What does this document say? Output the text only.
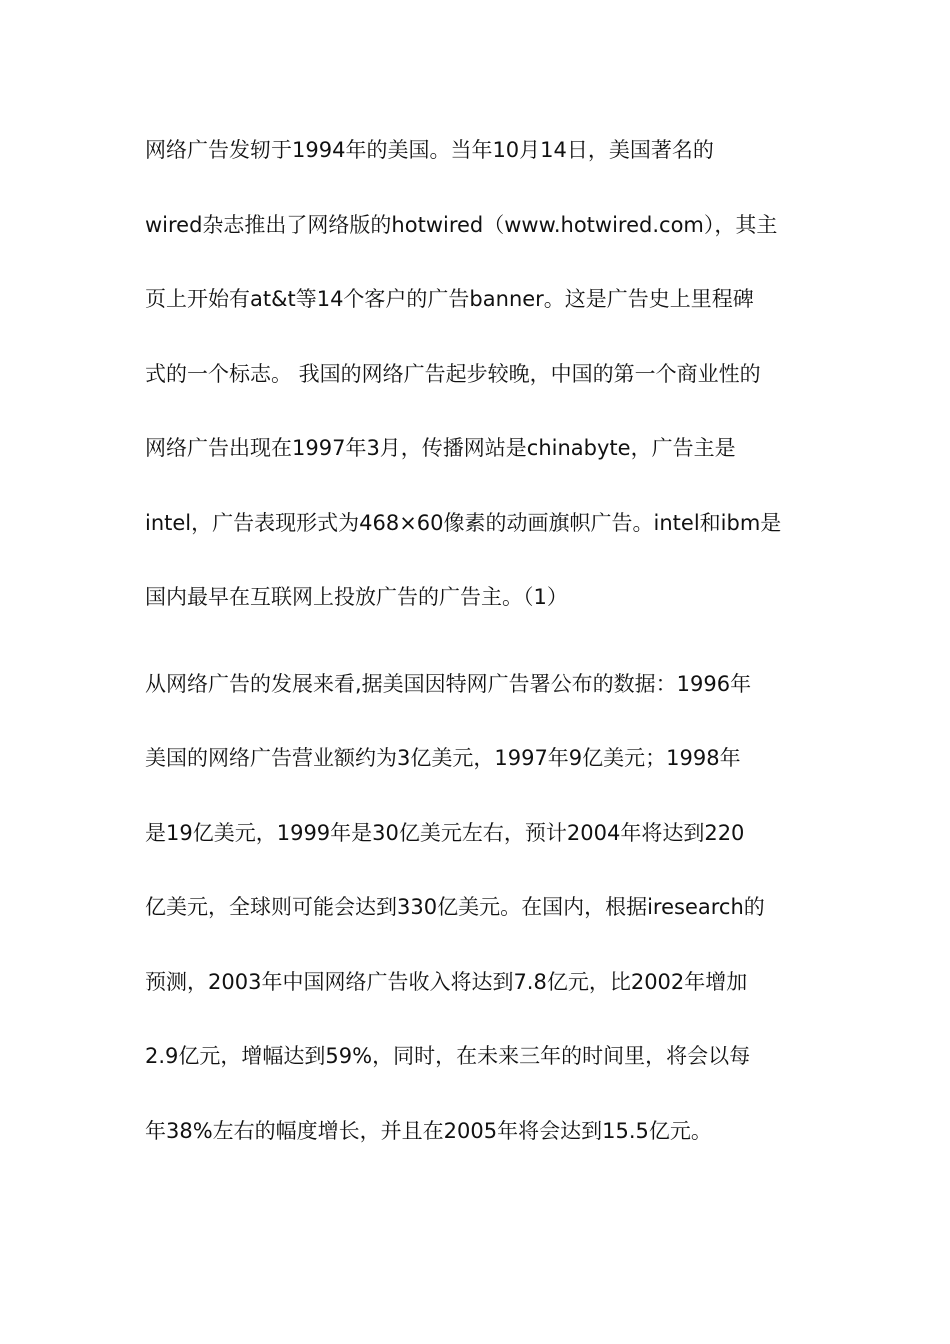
网络广告发轫于1994年的美国。当年10月14日，美国著名的
wired杂志推出了网络版的hotwired（www.hotwired.com），其主
页上开始有at&t等14个客户的广告banner。这是广告史上里程碑
式的一个标志。 我国的网络广告起步较晚，中国的第一个商业性的
网络广告出现在1997年3月，传播网站是chinabyte，广告主是
intel，广告表现形式为468×60像素的动画旗帜广告。intel和ibm是
国内最早在互联网上投放广告的广告主。（1）
从网络广告的发展来看,据美国因特网广告署公布的数据：1996年
美国的网络广告营业额约为3亿美元，1997年9亿美元；1998年
是19亿美元，1999年是30亿美元左右，预计2004年将达到220
亿美元，全球则可能会达到330亿美元。在国内，根据iresearch的
预测，2003年中国网络广告收入将达到7.8亿元，比2002年增加
2.9亿元，增幅达到59%，同时，在未来三年的时间里，将会以每
年38%左右的幅度增长，并且在2005年将会达到15.5亿元。
